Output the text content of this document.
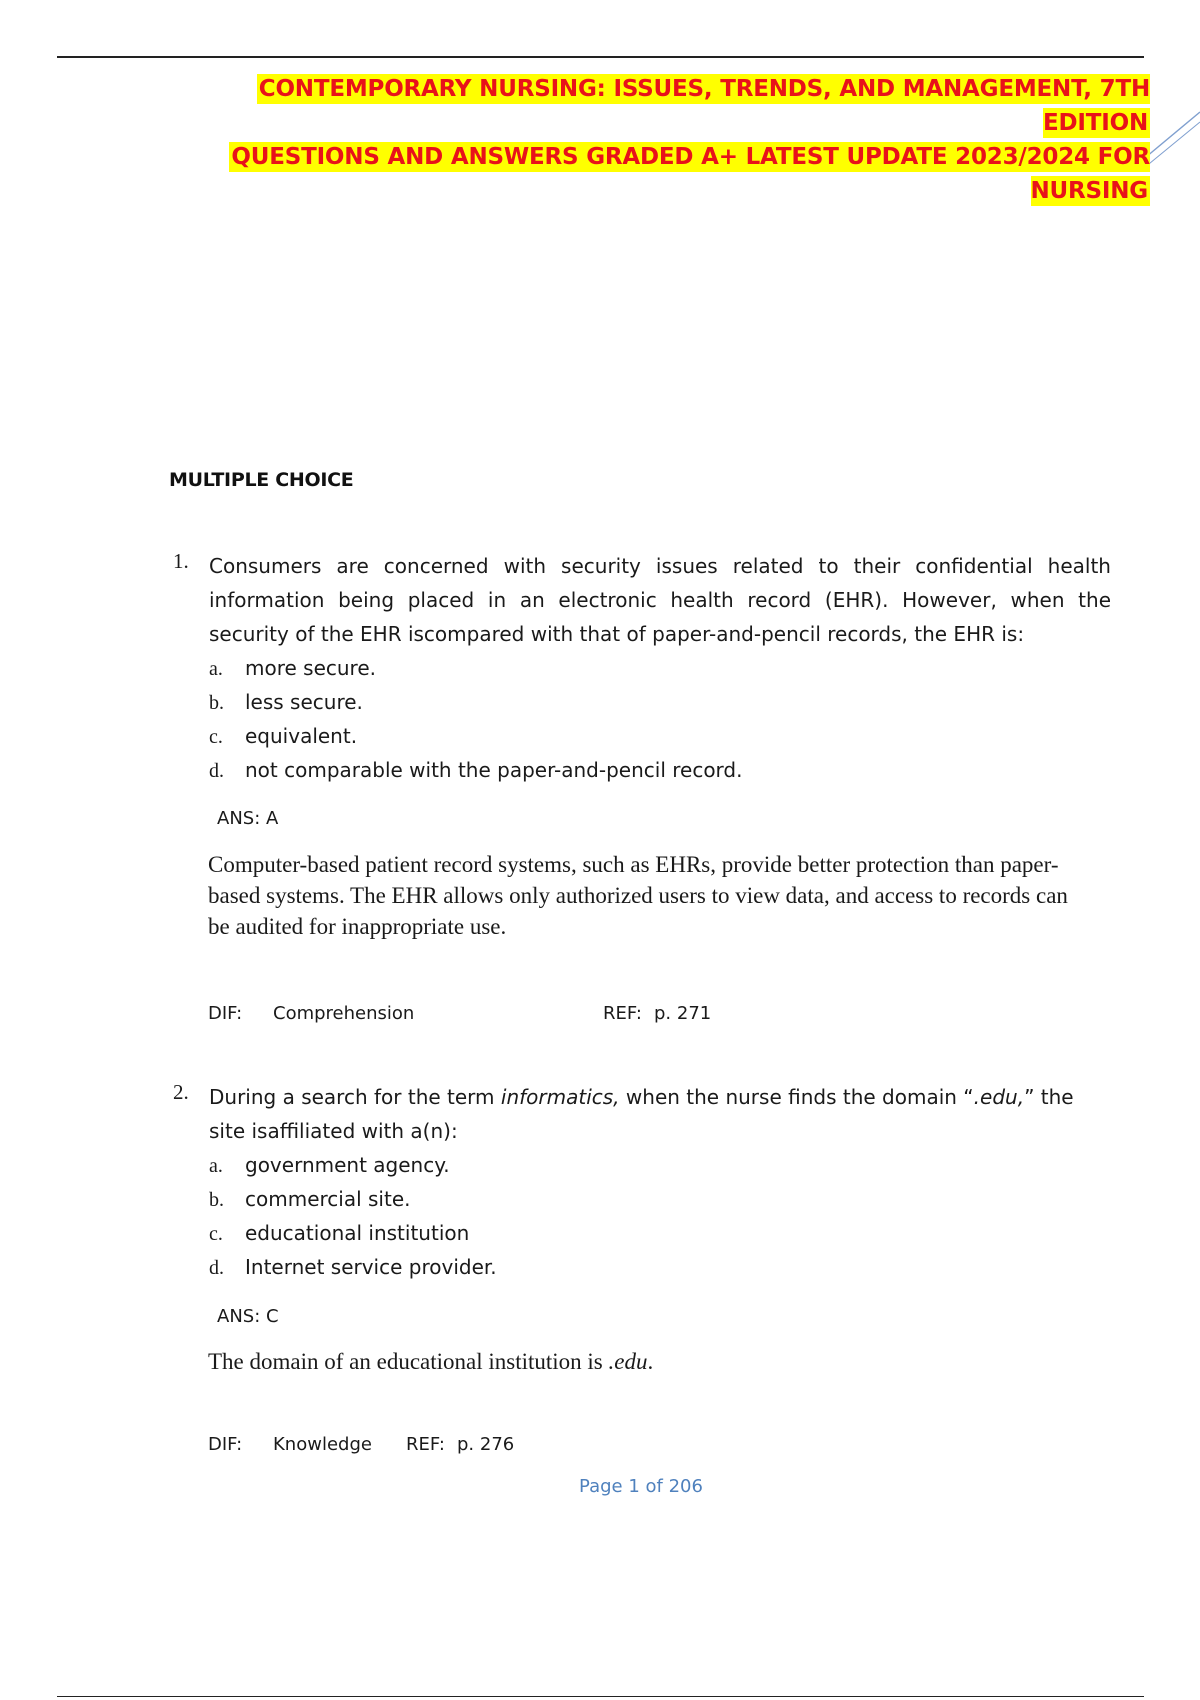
CONTEMPORARY NURSING: ISSUES, TRENDS, AND MANAGEMENT, 7TH EDITION
QUESTIONS AND ANSWERS GRADED A+ LATEST UPDATE 2023/2024 FOR NURSING
MULTIPLE CHOICE
1. Consumers are concerned with security issues related to their confidential health information being placed in an electronic health record (EHR). However, when the security of the EHR iscompared with that of paper-and-pencil records, the EHR is:
a. more secure.
b. less secure.
c. equivalent.
d. not comparable with the paper-and-pencil record.
ANS: A
Computer-based patient record systems, such as EHRs, provide better protection than paper-based systems. The EHR allows only authorized users to view data, and access to records can be audited for inappropriate use.
DIF: Comprehension	REF: p. 271
2. During a search for the term informatics, when the nurse finds the domain “.edu,” the site isaffiliated with a(n):
a. government agency.
b. commercial site.
c. educational institution
d. Internet service provider.
ANS: C
The domain of an educational institution is .edu.
DIF: Knowledge REF: p. 276
Page 1 of 206
